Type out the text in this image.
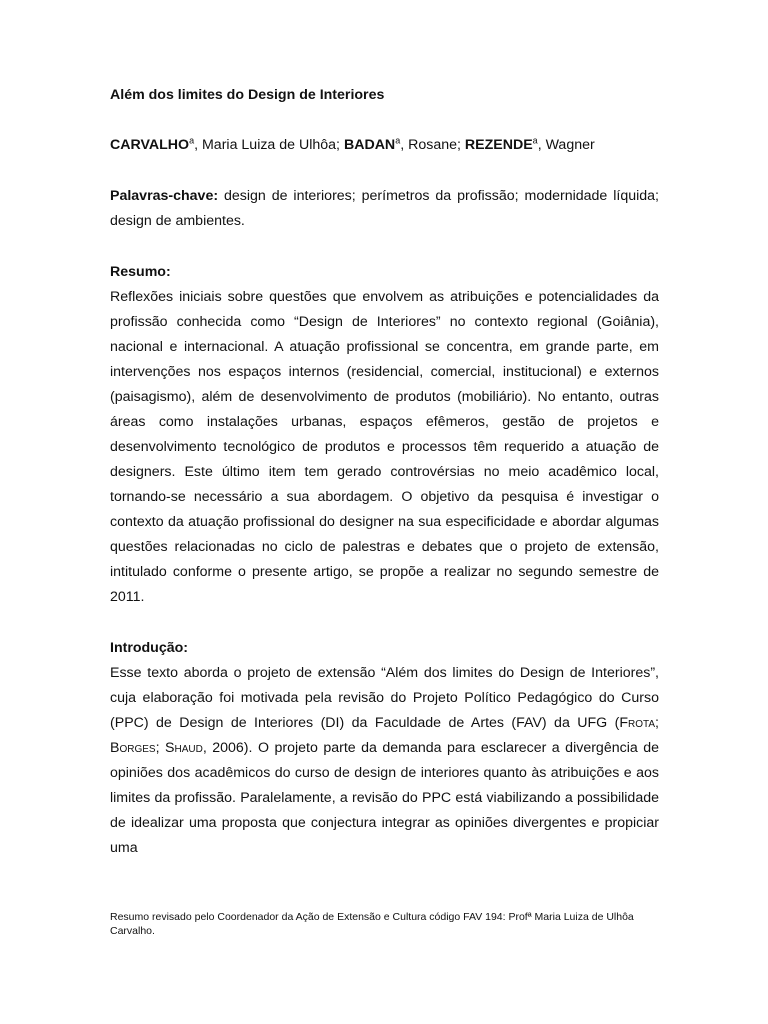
Além dos limites do Design de Interiores

CARVALHO$^a$, Maria Luiza de Ulhôa; BADAN$^a$, Rosane; REZENDE$^a$, Wagner

Palavras-chave: design de interiores; perímetros da profissão; modernidade líquida; design de ambientes.

Resumo:

Reflexões iniciais sobre questões que envolvem as atribuições e potencialidades da profissão conhecida como “Design de Interiores” no contexto regional (Goiânia), nacional e internacional. A atuação profissional se concentra, em grande parte, em intervenções nos espaços internos (residencial, comercial, institucional) e externos (paisagismo), além de desenvolvimento de produtos (mobiliário). No entanto, outras áreas como instalações urbanas, espaços efêmeros, gestão de projetos e desenvolvimento tecnológico de produtos e processos têm requerido a atuação de designers. Este último item tem gerado controvérsias no meio acadêmico local, tornando-se necessário a sua abordagem. O objetivo da pesquisa é investigar o contexto da atuação profissional do designer na sua especificidade e abordar algumas questões relacionadas no ciclo de palestras e debates que o projeto de extensão, intitulado conforme o presente artigo, se propõe a realizar no segundo semestre de 2011.

Introdução:

Esse texto aborda o projeto de extensão “Além dos limites do Design de Interiores”, cuja elaboração foi motivada pela revisão do Projeto Político Pedagógico do Curso (PPC) de Design de Interiores (DI) da Faculdade de Artes (FAV) da UFG (Frota; Borges; Shaud, 2006). O projeto parte da demanda para esclarecer a divergência de opiniões dos acadêmicos do curso de design de interiores quanto às atribuições e aos limites da profissão. Paralelamente, a revisão do PPC está viabilizando a possibilidade de idealizar uma proposta que conjectura integrar as opiniões divergentes e propiciar uma

Resumo revisado pelo Coordenador da Ação de Extensão e Cultura código FAV 194: Profª Maria Luiza de Ulhôa Carvalho.
